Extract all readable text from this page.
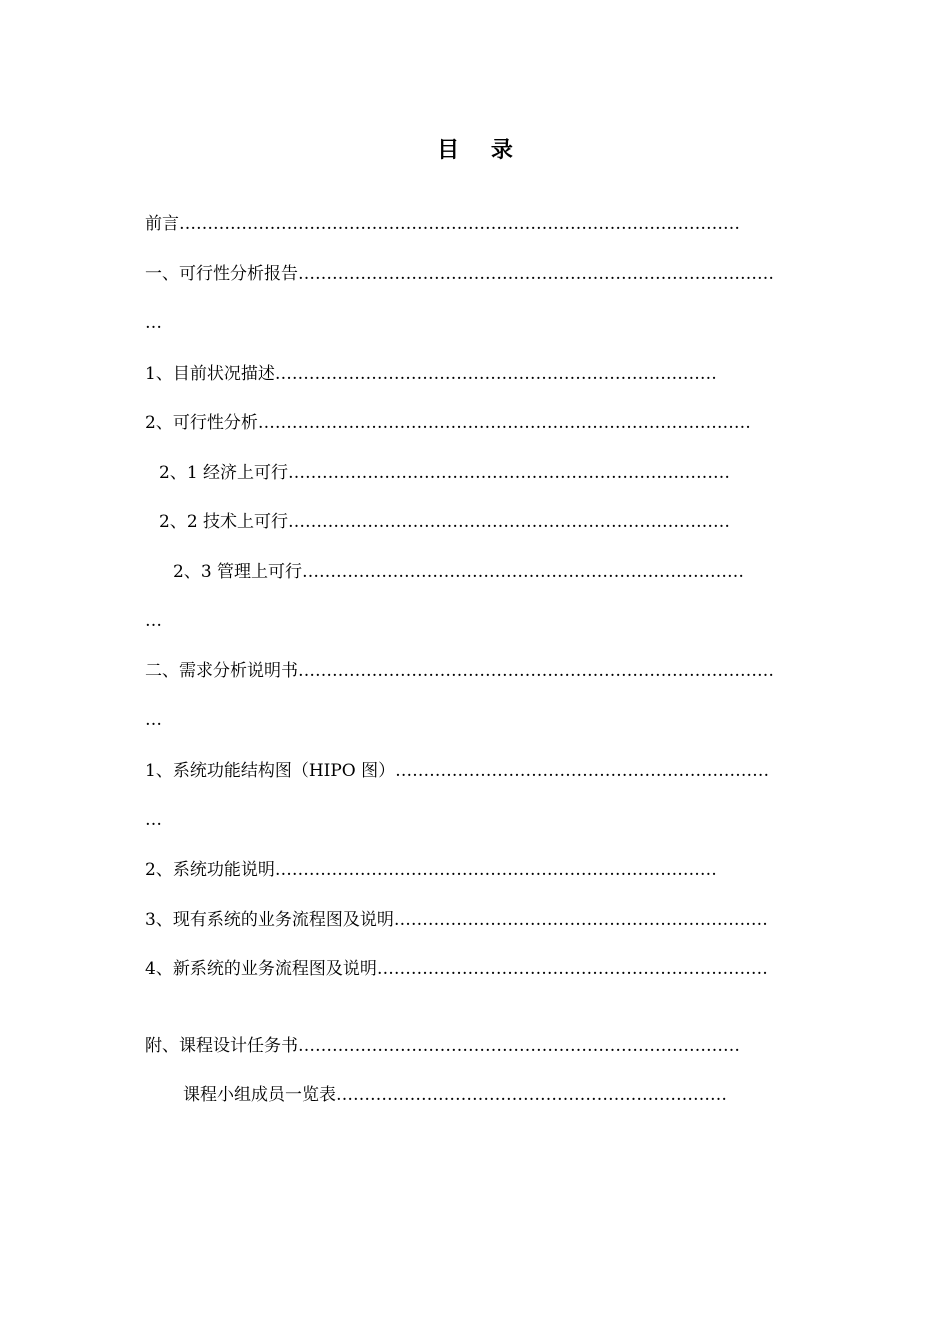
目 录
前言………………………………………………………………………………………
一、可行性分析报告…………………………………………………………………………
…
1、目前状况描述……………………………………………………………………
2、可行性分析……………………………………………………………………………
2、1 经济上可行……………………………………………………………………
2、2 技术上可行……………………………………………………………………
2、3 管理上可行……………………………………………………………………
…
二、需求分析说明书…………………………………………………………………………
…
1、系统功能结构图（HIPO 图）…………………………………………………………
…
2、系统功能说明……………………………………………………………………
3、现有系统的业务流程图及说明…………………………………………………………
4、新系统的业务流程图及说明……………………………………………………………
附、课程设计任务书……………………………………………………………………
课程小组成员一览表……………………………………………………………
